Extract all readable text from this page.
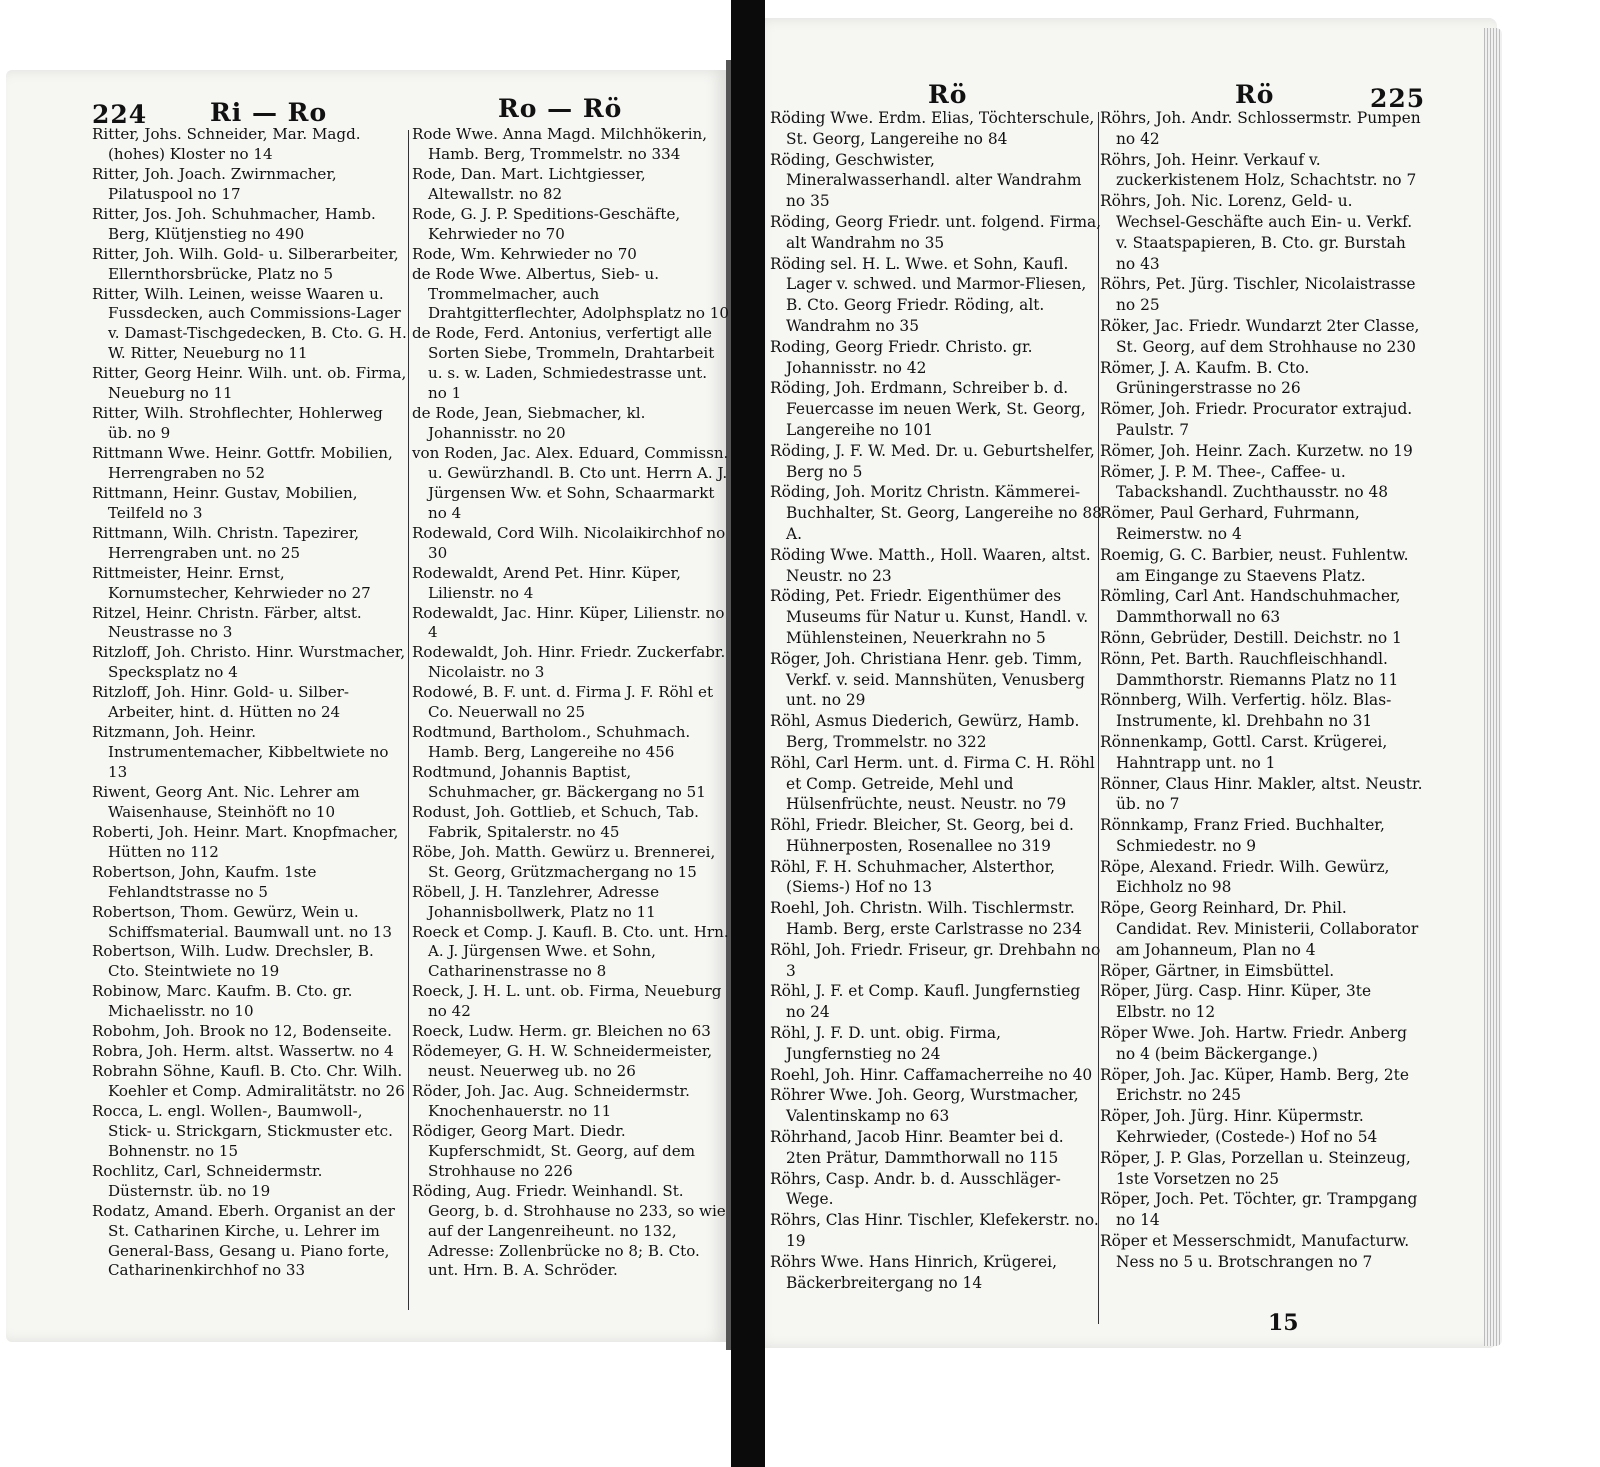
224	Ri — Ro	Ro — Rö	Rö	Rö	225

Ritter, Johs. Schneider, Mar. Magd. (hohes) Kloster no 14

Ritter, Joh. Joach. Zwirnmacher, Pilatuspool no 17

Ritter, Jos. Joh. Schuhmacher, Hamb. Berg, Klütjenstieg no 490

Ritter, Joh. Wilh. Gold- u. Silberarbeiter, Ellernthorsbrücke, Platz no 5

Ritter, Wilh. Leinen, weisse Waaren u. Fussdecken, auch Commissions-Lager v. Damast-Tischgedecken, B. Cto. G. H. W. Ritter, Neueburg no 11

Ritter, Georg Heinr. Wilh. unt. ob. Firma, Neueburg no 11

Ritter, Wilh. Strohflechter, Hohlerweg üb. no 9

Rittmann Wwe. Heinr. Gottfr. Mobilien, Herrengraben no 52

Rittmann, Heinr. Gustav, Mobilien, Teilfeld no 3

Rittmann, Wilh. Christn. Tapezirer, Herrengraben unt. no 25

Rittmeister, Heinr. Ernst, Kornumstecher, Kehrwieder no 27

Ritzel, Heinr. Christn. Färber, altst. Neustrasse no 3

Ritzloff, Joh. Christo. Hinr. Wurstmacher, Specksplatz no 4

Ritzloff, Joh. Hinr. Gold- u. Silber-Arbeiter, hint. d. Hütten no 24

Ritzmann, Joh. Heinr. Instrumentemacher, Kibbeltwiete no 13

Riwent, Georg Ant. Nic. Lehrer am Waisenhause, Steinhöft no 10

Roberti, Joh. Heinr. Mart. Knopfmacher, Hütten no 112

Robertson, John, Kaufm. 1ste Fehlandtstrasse no 5

Robertson, Thom. Gewürz, Wein u. Schiffsmaterial. Baumwall unt. no 13

Robertson, Wilh. Ludw. Drechsler, B. Cto. Steintwiete no 19

Robinow, Marc. Kaufm. B. Cto. gr. Michaelisstr. no 10

Robohm, Joh. Brook no 12, Bodenseite.

Robra, Joh. Herm. altst. Wassertw. no 4

Robrahn Söhne, Kaufl. B. Cto. Chr. Wilh. Koehler et Comp. Admiralitätstr. no 26

Rocca, L. engl. Wollen-, Baumwoll-, Stick- u. Strickgarn, Stickmuster etc. Bohnenstr. no 15

Rochlitz, Carl, Schneidermstr. Düsternstr. üb. no 19

Rodatz, Amand. Eberh. Organist an der St. Catharinen Kirche, u. Lehrer im General-Bass, Gesang u. Piano forte, Catharinenkirchhof no 33

Rode Wwe. Anna Magd. Milchhökerin, Hamb. Berg, Trommelstr. no 334

Rode, Dan. Mart. Lichtgiesser, Altewallstr. no 82

Rode, G. J. P. Speditions-Geschäfte, Kehrwieder no 70

Rode, Wm. Kehrwieder no 70

de Rode Wwe. Albertus, Sieb- u. Trommelmacher, auch Drahtgitterflechter, Adolphsplatz no 10

de Rode, Ferd. Antonius, verfertigt alle Sorten Siebe, Trommeln, Drahtarbeit u. s. w. Laden, Schmiedestrasse unt. no 1

de Rode, Jean, Siebmacher, kl. Johannisstr. no 20

von Roden, Jac. Alex. Eduard, Commissn. u. Gewürzhandl. B. Cto unt. Herrn A. J. Jürgensen Ww. et Sohn, Schaarmarkt no 4

Rodewald, Cord Wilh. Nicolaikirchhof no 30

Rodewaldt, Arend Pet. Hinr. Küper, Lilienstr. no 4

Rodewaldt, Jac. Hinr. Küper, Lilienstr. no 4

Rodewaldt, Joh. Hinr. Friedr. Zuckerfabr. Nicolaistr. no 3

Rodowé, B. F. unt. d. Firma J. F. Röhl et Co. Neuerwall no 25

Rodtmund, Bartholom., Schuhmach. Hamb. Berg, Langereihe no 456

Rodtmund, Johannis Baptist, Schuhmacher, gr. Bäckergang no 51

Rodust, Joh. Gottlieb, et Schuch, Tab. Fabrik, Spitalerstr. no 45

Röbe, Joh. Matth. Gewürz u. Brennerei, St. Georg, Grützmachergang no 15

Röbell, J. H. Tanzlehrer, Adresse Johannisbollwerk, Platz no 11

Roeck et Comp. J. Kaufl. B. Cto. unt. Hrn. A. J. Jürgensen Wwe. et Sohn, Catharinenstrasse no 8

Roeck, J. H. L. unt. ob. Firma, Neueburg no 42

Roeck, Ludw. Herm. gr. Bleichen no 63

Rödemeyer, G. H. W. Schneidermeister, neust. Neuerweg ub. no 26

Röder, Joh. Jac. Aug. Schneidermstr. Knochenhauerstr. no 11

Rödiger, Georg Mart. Diedr. Kupferschmidt, St. Georg, auf dem Strohhause no 226

Röding, Aug. Friedr. Weinhandl. St. Georg, b. d. Strohhause no 233, so wie auf der Langenreiheunt. no 132, Adresse: Zollenbrücke no 8; B. Cto. unt. Hrn. B. A. Schröder.

Röding Wwe. Erdm. Elias, Töchterschule, St. Georg, Langereihe no 84

Röding, Geschwister, Mineralwasserhandl. alter Wandrahm no 35

Röding, Georg Friedr. unt. folgend. Firma, alt Wandrahm no 35

Röding sel. H. L. Wwe. et Sohn, Kaufl. Lager v. schwed. und Marmor-Fliesen, B. Cto. Georg Friedr. Röding, alt. Wandrahm no 35

Roding, Georg Friedr. Christo. gr. Johannisstr. no 42

Röding, Joh. Erdmann, Schreiber b. d. Feuercasse im neuen Werk, St. Georg, Langereihe no 101

Röding, J. F. W. Med. Dr. u. Geburtshelfer, Berg no 5

Röding, Joh. Moritz Christn. Kämmerei-Buchhalter, St. Georg, Langereihe no 88 A.

Röding Wwe. Matth., Holl. Waaren, altst. Neustr. no 23

Röding, Pet. Friedr. Eigenthümer des Museums für Natur u. Kunst, Handl. v. Mühlensteinen, Neuerkrahn no 5

Röger, Joh. Christiana Henr. geb. Timm, Verkf. v. seid. Mannshüten, Venusberg unt. no 29

Röhl, Asmus Diederich, Gewürz, Hamb. Berg, Trommelstr. no 322

Röhl, Carl Herm. unt. d. Firma C. H. Röhl et Comp. Getreide, Mehl und Hülsenfrüchte, neust. Neustr. no 79

Röhl, Friedr. Bleicher, St. Georg, bei d. Hühnerposten, Rosenallee no 319

Röhl, F. H. Schuhmacher, Alsterthor, (Siems-) Hof no 13

Roehl, Joh. Christn. Wilh. Tischlermstr. Hamb. Berg, erste Carlstrasse no 234

Röhl, Joh. Friedr. Friseur, gr. Drehbahn no 3

Röhl, J. F. et Comp. Kaufl. Jungfernstieg no 24

Röhl, J. F. D. unt. obig. Firma, Jungfernstieg no 24

Roehl, Joh. Hinr. Caffamacherreihe no 40

Röhrer Wwe. Joh. Georg, Wurstmacher, Valentinskamp no 63

Röhrhand, Jacob Hinr. Beamter bei d. 2ten Prätur, Dammthorwall no 115

Röhrs, Casp. Andr. b. d. Ausschläger-Wege.

Röhrs, Clas Hinr. Tischler, Klefekerstr. no. 19

Röhrs Wwe. Hans Hinrich, Krügerei, Bäckerbreitergang no 14

Röhrs, Joh. Andr. Schlossermstr. Pumpen no 42

Röhrs, Joh. Heinr. Verkauf v. zuckerkistenem Holz, Schachtstr. no 7

Röhrs, Joh. Nic. Lorenz, Geld- u. Wechsel-Geschäfte auch Ein- u. Verkf. v. Staatspapieren, B. Cto. gr. Burstah no 43

Röhrs, Pet. Jürg. Tischler, Nicolaistrasse no 25

Röker, Jac. Friedr. Wundarzt 2ter Classe, St. Georg, auf dem Strohhause no 230

Römer, J. A. Kaufm. B. Cto. Grüningerstrasse no 26

Römer, Joh. Friedr. Procurator extrajud. Paulstr. 7

Römer, Joh. Heinr. Zach. Kurzetw. no 19

Römer, J. P. M. Thee-, Caffee- u. Tabackshandl. Zuchthausstr. no 48

Römer, Paul Gerhard, Fuhrmann, Reimerstw. no 4

Roemig, G. C. Barbier, neust. Fuhlentw. am Eingange zu Staevens Platz.

Römling, Carl Ant. Handschuhmacher, Dammthorwall no 63

Rönn, Gebrüder, Destill. Deichstr. no 1

Rönn, Pet. Barth. Rauchfleischhandl. Dammthorstr. Riemanns Platz no 11

Rönnberg, Wilh. Verfertig. hölz. Blas-Instrumente, kl. Drehbahn no 31

Rönnenkamp, Gottl. Carst. Krügerei, Hahntrapp unt. no 1

Rönner, Claus Hinr. Makler, altst. Neustr. üb. no 7

Rönnkamp, Franz Fried. Buchhalter, Schmiedestr. no 9

Röpe, Alexand. Friedr. Wilh. Gewürz, Eichholz no 98

Röpe, Georg Reinhard, Dr. Phil. Candidat. Rev. Ministerii, Collaborator am Johanneum, Plan no 4

Röper, Gärtner, in Eimsbüttel.

Röper, Jürg. Casp. Hinr. Küper, 3te Elbstr. no 12

Röper Wwe. Joh. Hartw. Friedr. Anberg no 4 (beim Bäckergange.)

Röper, Joh. Jac. Küper, Hamb. Berg, 2te Erichstr. no 245

Röper, Joh. Jürg. Hinr. Küpermstr. Kehrwieder, (Costede-) Hof no 54

Röper, J. P. Glas, Porzellan u. Steinzeug, 1ste Vorsetzen no 25

Röper, Joch. Pet. Töchter, gr. Trampgang no 14

Röper et Messerschmidt, Manufacturw. Ness no 5 u. Brotschrangen no 7

15
